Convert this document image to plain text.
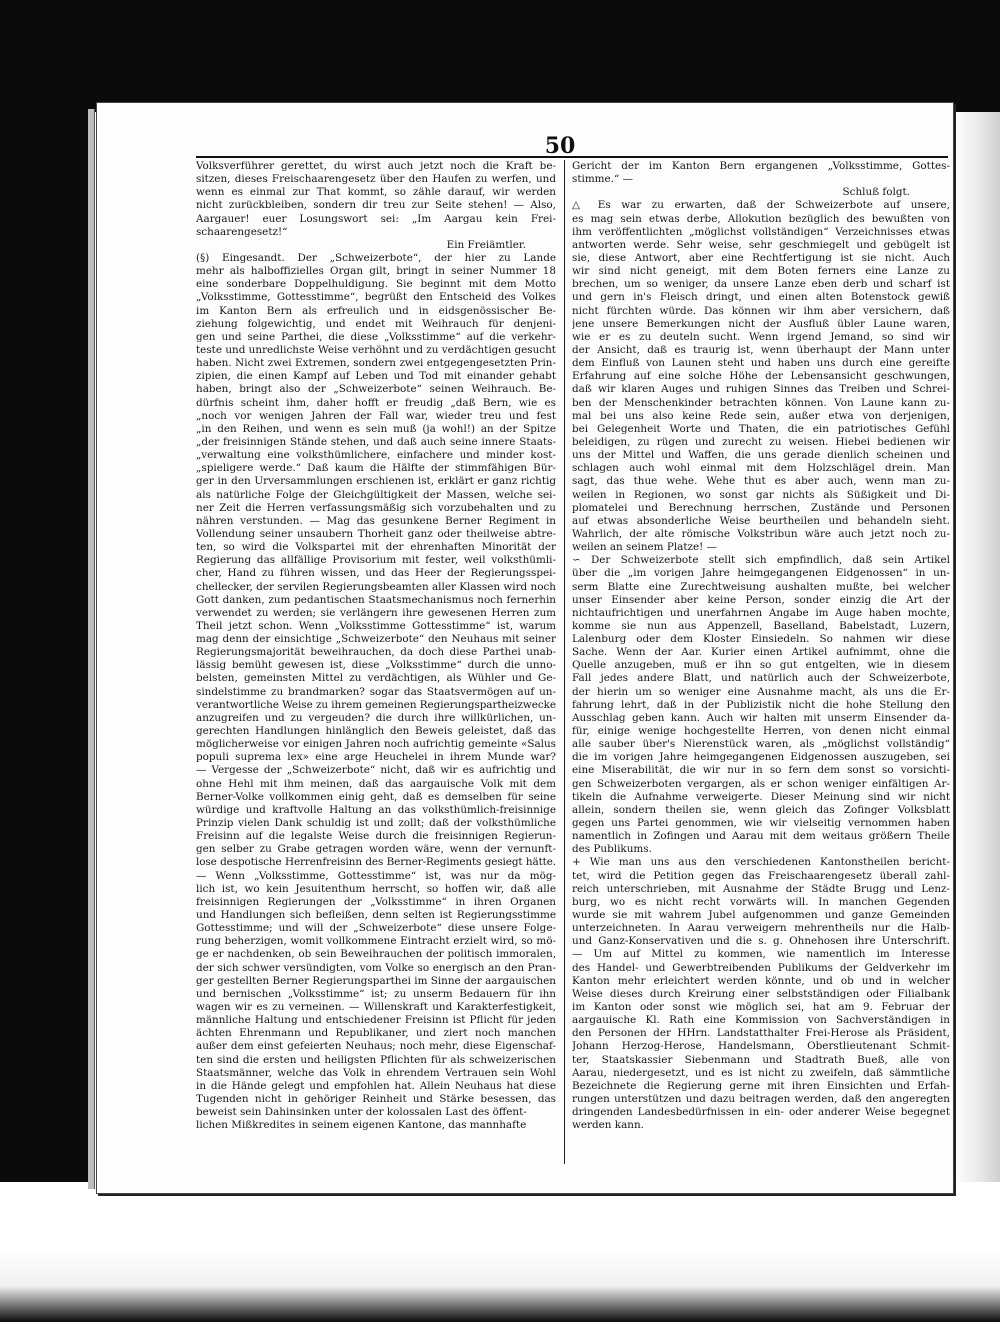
50
Volksverführer gerettet, du wirst auch jetzt noch die Kraft be-
sitzen, dieses Freischaarengesetz über den Haufen zu werfen, und
wenn es einmal zur That kommt, so zähle darauf, wir werden
nicht zurückbleiben, sondern dir treu zur Seite stehen! — Also,
Aargauer! euer Losungswort sei: „Im Aargau kein Frei-
schaarengesetz!“
Ein Freiämtler.
(§) Eingesandt. Der „Schweizerbote“, der hier zu Lande
mehr als halboffizielles Organ gilt, bringt in seiner Nummer 18
eine sonderbare Doppelhuldigung. Sie beginnt mit dem Motto
„Volksstimme, Gottesstimme“, begrüßt den Entscheid des Volkes
im Kanton Bern als erfreulich und in eidsgenössischer Be-
ziehung folgewichtig, und endet mit Weihrauch für denjeni-
gen und seine Parthei, die diese „Volksstimme“ auf die verkehr-
teste und unredlichste Weise verhöhnt und zu verdächtigen gesucht
haben. Nicht zwei Extremen, sondern zwei entgegengesetzten Prin-
zipien, die einen Kampf auf Leben und Tod mit einander gehabt
haben, bringt also der „Schweizerbote“ seinen Weihrauch. Be-
dürfnis scheint ihm, daher hofft er freudig „daß Bern, wie es
„noch vor wenigen Jahren der Fall war, wieder treu und fest
„in den Reihen, und wenn es sein muß (ja wohl!) an der Spitze
„der freisinnigen Stände stehen, und daß auch seine innere Staats-
„verwaltung eine volksthümlichere, einfachere und minder kost-
„spieligere werde.“ Daß kaum die Hälfte der stimmfähigen Bür-
ger in den Urversammlungen erschienen ist, erklärt er ganz richtig
als natürliche Folge der Gleichgültigkeit der Massen, welche sei-
ner Zeit die Herren verfassungsmäßig sich vorzubehalten und zu
nähren verstunden. — Mag das gesunkene Berner Regiment in
Vollendung seiner unsaubern Thorheit ganz oder theilweise abtre-
ten, so wird die Volkspartei mit der ehrenhaften Minorität der
Regierung das allfällige Provisorium mit fester, weil volksthümli-
cher, Hand zu führen wissen, und das Heer der Regierungsspei-
chellecker, der servilen Regierungsbeamten aller Klassen wird noch
Gott danken, zum pedantischen Staatsmechanismus noch fernerhin
verwendet zu werden; sie verlängern ihre gewesenen Herren zum
Theil jetzt schon. Wenn „Volksstimme Gottesstimme“ ist, warum
mag denn der einsichtige „Schweizerbote“ den Neuhaus mit seiner
Regierungsmajorität beweihrauchen, da doch diese Parthei unab-
lässig bemüht gewesen ist, diese „Volksstimme“ durch die unno-
belsten, gemeinsten Mittel zu verdächtigen, als Wühler und Ge-
sindelstimme zu brandmarken? sogar das Staatsvermögen auf un-
verantwortliche Weise zu ihrem gemeinen Regierungspartheizwecke
anzugreifen und zu vergeuden? die durch ihre willkürlichen, un-
gerechten Handlungen hinlänglich den Beweis geleistet, daß das
möglicherweise vor einigen Jahren noch aufrichtig gemeinte «Salus
populi suprema lex» eine arge Heuchelei in ihrem Munde war?
— Vergesse der „Schweizerbote“ nicht, daß wir es aufrichtig und
ohne Hehl mit ihm meinen, daß das aargauische Volk mit dem
Berner-Volke vollkommen einig geht, daß es demselben für seine
würdige und kraftvolle Haltung an das volksthümlich-freisinnige
Prinzip vielen Dank schuldig ist und zollt; daß der volksthümliche
Freisinn auf die legalste Weise durch die freisinnigen Regierun-
gen selber zu Grabe getragen worden wäre, wenn der vernunft-
lose despotische Herrenfreisinn des Berner-Regiments gesiegt hätte.
— Wenn „Volksstimme, Gottesstimme“ ist, was nur da mög-
lich ist, wo kein Jesuitenthum herrscht, so hoffen wir, daß alle
freisinnigen Regierungen der „Volksstimme“ in ihren Organen
und Handlungen sich befleißen, denn selten ist Regierungsstimme
Gottesstimme; und will der „Schweizerbote“ diese unsere Folge-
rung beherzigen, womit vollkommene Eintracht erzielt wird, so mö-
ge er nachdenken, ob sein Beweihrauchen der politisch immoralen,
der sich schwer versündigten, vom Volke so energisch an den Pran-
ger gestellten Berner Regierungsparthei im Sinne der aargauischen
und bernischen „Volksstimme“ ist; zu unserm Bedauern für ihn
wagen wir es zu verneinen. — Willenskraft und Karakterfestigkeit,
männliche Haltung und entschiedener Freisinn ist Pflicht für jeden
ächten Ehrenmann und Republikaner, und ziert noch manchen
außer dem einst gefeierten Neuhaus; noch mehr, diese Eigenschaf-
ten sind die ersten und heiligsten Pflichten für als schweizerischen
Staatsmänner, welche das Volk in ehrendem Vertrauen sein Wohl
in die Hände gelegt und empfohlen hat. Allein Neuhaus hat diese
Tugenden nicht in gehöriger Reinheit und Stärke besessen, das
beweist sein Dahinsinken unter der kolossalen Last des öffent-
lichen Mißkredites in seinem eigenen Kantone, das mannhafte
Gericht der im Kanton Bern ergangenen „Volksstimme, Gottes-
stimme.“ —
Schluß folgt.
△ Es war zu erwarten, daß der Schweizerbote auf unsere,
es mag sein etwas derbe, Allokution bezüglich des bewußten von
ihm veröffentlichten „möglichst vollständigen“ Verzeichnisses etwas
antworten werde. Sehr weise, sehr geschmiegelt und gebügelt ist
sie, diese Antwort, aber eine Rechtfertigung ist sie nicht. Auch
wir sind nicht geneigt, mit dem Boten ferners eine Lanze zu
brechen, um so weniger, da unsere Lanze eben derb und scharf ist
und gern in's Fleisch dringt, und einen alten Botenstock gewiß
nicht fürchten würde. Das können wir ihm aber versichern, daß
jene unsere Bemerkungen nicht der Ausfluß übler Laune waren,
wie er es zu deuteln sucht. Wenn irgend Jemand, so sind wir
der Ansicht, daß es traurig ist, wenn überhaupt der Mann unter
dem Einfluß von Launen steht und haben uns durch eine gereifte
Erfahrung auf eine solche Höhe der Lebensansicht geschwungen,
daß wir klaren Auges und ruhigen Sinnes das Treiben und Schrei-
ben der Menschenkinder betrachten können. Von Laune kann zu-
mal bei uns also keine Rede sein, außer etwa von derjenigen,
bei Gelegenheit Worte und Thaten, die ein patriotisches Gefühl
beleidigen, zu rügen und zurecht zu weisen. Hiebei bedienen wir
uns der Mittel und Waffen, die uns gerade dienlich scheinen und
schlagen auch wohl einmal mit dem Holzschlägel drein. Man
sagt, das thue wehe. Wehe thut es aber auch, wenn man zu-
weilen in Regionen, wo sonst gar nichts als Süßigkeit und Di-
plomatelei und Berechnung herrschen, Zustände und Personen
auf etwas absonderliche Weise beurtheilen und behandeln sieht.
Wahrlich, der alte römische Volkstribun wäre auch jetzt noch zu-
weilen an seinem Platze! —
∽ Der Schweizerbote stellt sich empfindlich, daß sein Artikel
über die „im vorigen Jahre heimgegangenen Eidgenossen“ in un-
serm Blatte eine Zurechtweisung aushalten mußte, bei welcher
unser Einsender aber keine Person, sonder einzig die Art der
nichtaufrichtigen und unerfahrnen Angabe im Auge haben mochte,
komme sie nun aus Appenzell, Baselland, Babelstadt, Luzern,
Lalenburg oder dem Kloster Einsiedeln. So nahmen wir diese
Sache. Wenn der Aar. Kurier einen Artikel aufnimmt, ohne die
Quelle anzugeben, muß er ihn so gut entgelten, wie in diesem
Fall jedes andere Blatt, und natürlich auch der Schweizerbote,
der hierin um so weniger eine Ausnahme macht, als uns die Er-
fahrung lehrt, daß in der Publizistik nicht die hohe Stellung den
Ausschlag geben kann. Auch wir halten mit unserm Einsender da-
für, einige wenige hochgestellte Herren, von denen nicht einmal
alle sauber über's Nierenstück waren, als „möglichst vollständig“
die im vorigen Jahre heimgegangenen Eidgenossen auszugeben, sei
eine Miserabilität, die wir nur in so fern dem sonst so vorsichti-
gen Schweizerboten vergargen, als er schon weniger einfältigen Ar-
tikeln die Aufnahme verweigerte. Dieser Meinung sind wir nicht
allein, sondern theilen sie, wenn gleich das Zofinger Volksblatt
gegen uns Partei genommen, wie wir vielseitig vernommen haben
namentlich in Zofingen und Aarau mit dem weitaus größern Theile
des Publikums.
+ Wie man uns aus den verschiedenen Kantonstheilen bericht-
tet, wird die Petition gegen das Freischaarengesetz überall zahl-
reich unterschrieben, mit Ausnahme der Städte Brugg und Lenz-
burg, wo es nicht recht vorwärts will. In manchen Gegenden
wurde sie mit wahrem Jubel aufgenommen und ganze Gemeinden
unterzeichneten. In Aarau verweigern mehrentheils nur die Halb-
und Ganz-Konservativen und die s. g. Ohnehosen ihre Unterschrift.
— Um auf Mittel zu kommen, wie namentlich im Interesse
des Handel- und Gewerbtreibenden Publikums der Geldverkehr im
Kanton mehr erleichtert werden könnte, und ob und in welcher
Weise dieses durch Kreirung einer selbstständigen oder Filialbank
im Kanton oder sonst wie möglich sei, hat am 9. Februar der
aargauische Kl. Rath eine Kommission von Sachverständigen in
den Personen der HHrn. Landstatthalter Frei-Herose als Präsident,
Johann Herzog-Herose, Handelsmann, Oberstlieutenant Schmit-
ter, Staatskassier Siebenmann und Stadtrath Bueß, alle von
Aarau, niedergesetzt, und es ist nicht zu zweifeln, daß sämmtliche
Bezeichnete die Regierung gerne mit ihren Einsichten und Erfah-
rungen unterstützen und dazu beitragen werden, daß den angeregten
dringenden Landesbedürfnissen in ein- oder anderer Weise begegnet
werden kann.
